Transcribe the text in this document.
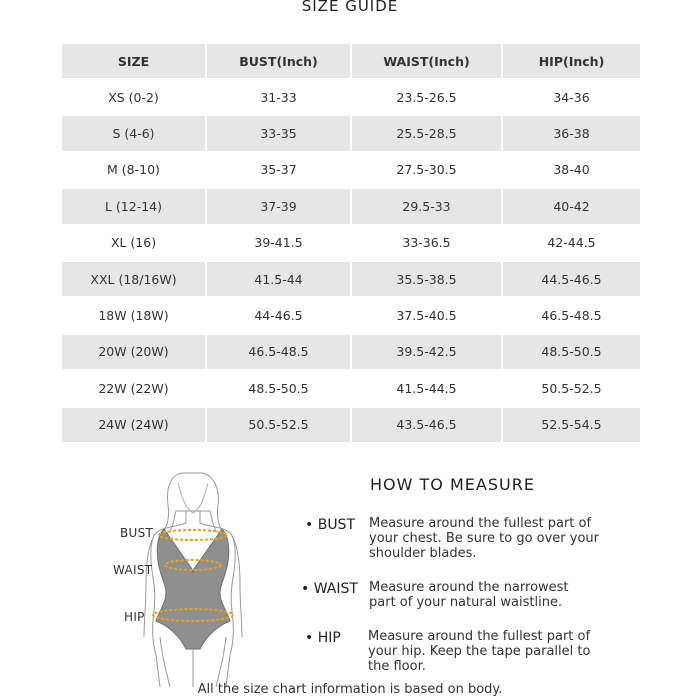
SIZE GUIDE
SIZE	BUST(Inch)	WAIST(Inch)	HIP(Inch)
XS (0-2)	31-33	23.5-26.5	34-36
S (4-6)	33-35	25.5-28.5	36-38
M (8-10)	35-37	27.5-30.5	38-40
L (12-14)	37-39	29.5-33	40-42
XL (16)	39-41.5	33-36.5	42-44.5
XXL (18/16W)	41.5-44	35.5-38.5	44.5-46.5
18W (18W)	44-46.5	37.5-40.5	46.5-48.5
20W (20W)	46.5-48.5	39.5-42.5	48.5-50.5
22W (22W)	48.5-50.5	41.5-44.5	50.5-52.5
24W (24W)	50.5-52.5	43.5-46.5	52.5-54.5
BUST
WAIST
HIP
HOW TO MEASURE
• BUST Measure around the fullest part of your chest. Be sure to go over your shoulder blades.
• WAIST Measure around the narrowest part of your natural waistline.
• HIP Measure around the fullest part of your hip. Keep the tape parallel to the floor.
All the size chart information is based on body.
